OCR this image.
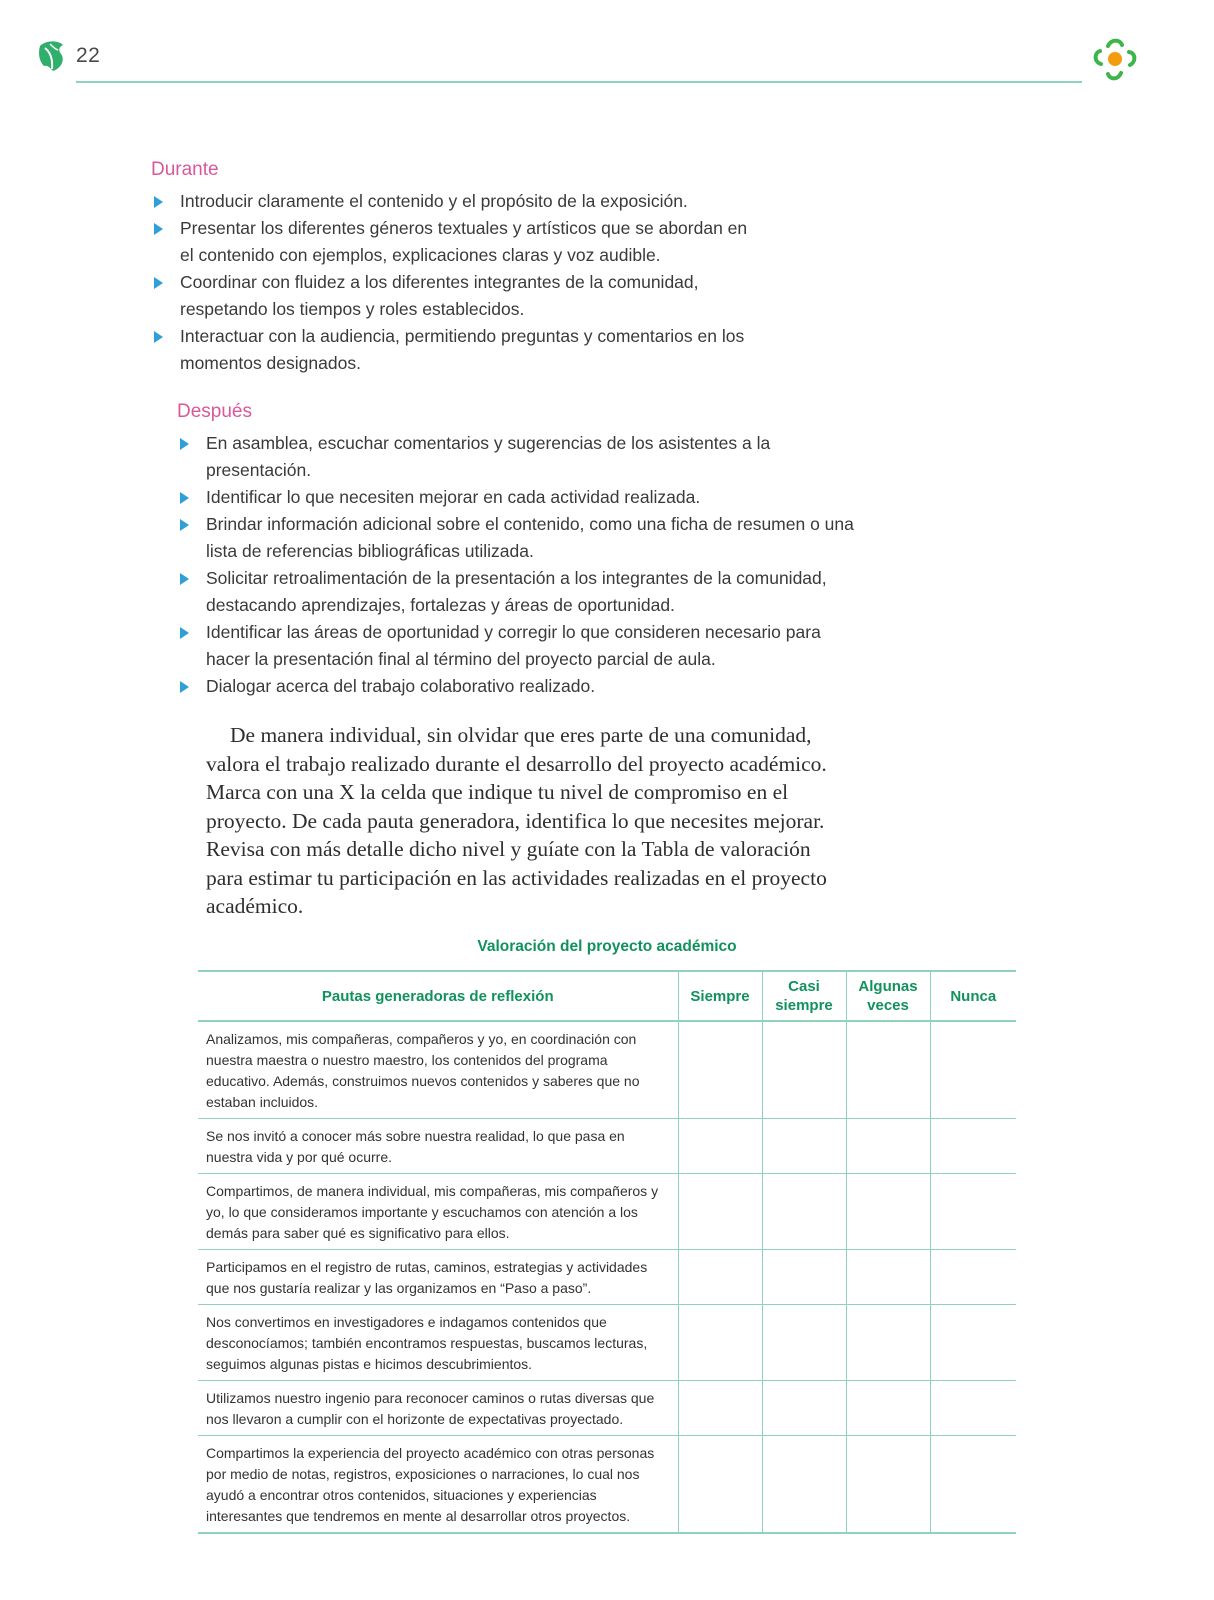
22
Durante
Introducir claramente el contenido y el propósito de la exposición.
Presentar los diferentes géneros textuales y artísticos que se abordan en el contenido con ejemplos, explicaciones claras y voz audible.
Coordinar con fluidez a los diferentes integrantes de la comunidad, respetando los tiempos y roles establecidos.
Interactuar con la audiencia, permitiendo preguntas y comentarios en los momentos designados.
Después
En asamblea, escuchar comentarios y sugerencias de los asistentes a la presentación.
Identificar lo que necesiten mejorar en cada actividad realizada.
Brindar información adicional sobre el contenido, como una ficha de resumen o una lista de referencias bibliográficas utilizada.
Solicitar retroalimentación de la presentación a los integrantes de la comunidad, destacando aprendizajes, fortalezas y áreas de oportunidad.
Identificar las áreas de oportunidad y corregir lo que consideren necesario para hacer la presentación final al término del proyecto parcial de aula.
Dialogar acerca del trabajo colaborativo realizado.

De manera individual, sin olvidar que eres parte de una comunidad, valora el trabajo realizado durante el desarrollo del proyecto académico. Marca con una X la celda que indique tu nivel de compromiso en el proyecto. De cada pauta generadora, identifica lo que necesites mejorar. Revisa con más detalle dicho nivel y guíate con la Tabla de valoración para estimar tu participación en las actividades realizadas en el proyecto académico.

Valoración del proyecto académico
Pautas generadoras de reflexión	Siempre	Casi siempre	Algunas veces	Nunca
Analizamos, mis compañeras, compañeros y yo, en coordinación con nuestra maestra o nuestro maestro, los contenidos del programa educativo. Además, construimos nuevos contenidos y saberes que no estaban incluidos.				
Se nos invitó a conocer más sobre nuestra realidad, lo que pasa en nuestra vida y por qué ocurre.				
Compartimos, de manera individual, mis compañeras, mis compañeros y yo, lo que consideramos importante y escuchamos con atención a los demás para saber qué es significativo para ellos.				
Participamos en el registro de rutas, caminos, estrategias y actividades que nos gustaría realizar y las organizamos en “Paso a paso”.				
Nos convertimos en investigadores e indagamos contenidos que desconocíamos; también encontramos respuestas, buscamos lecturas, seguimos algunas pistas e hicimos descubrimientos.				
Utilizamos nuestro ingenio para reconocer caminos o rutas diversas que nos llevaron a cumplir con el horizonte de expectativas proyectado.				
Compartimos la experiencia del proyecto académico con otras personas por medio de notas, registros, exposiciones o narraciones, lo cual nos ayudó a encontrar otros contenidos, situaciones y experiencias interesantes que tendremos en mente al desarrollar otros proyectos.				
